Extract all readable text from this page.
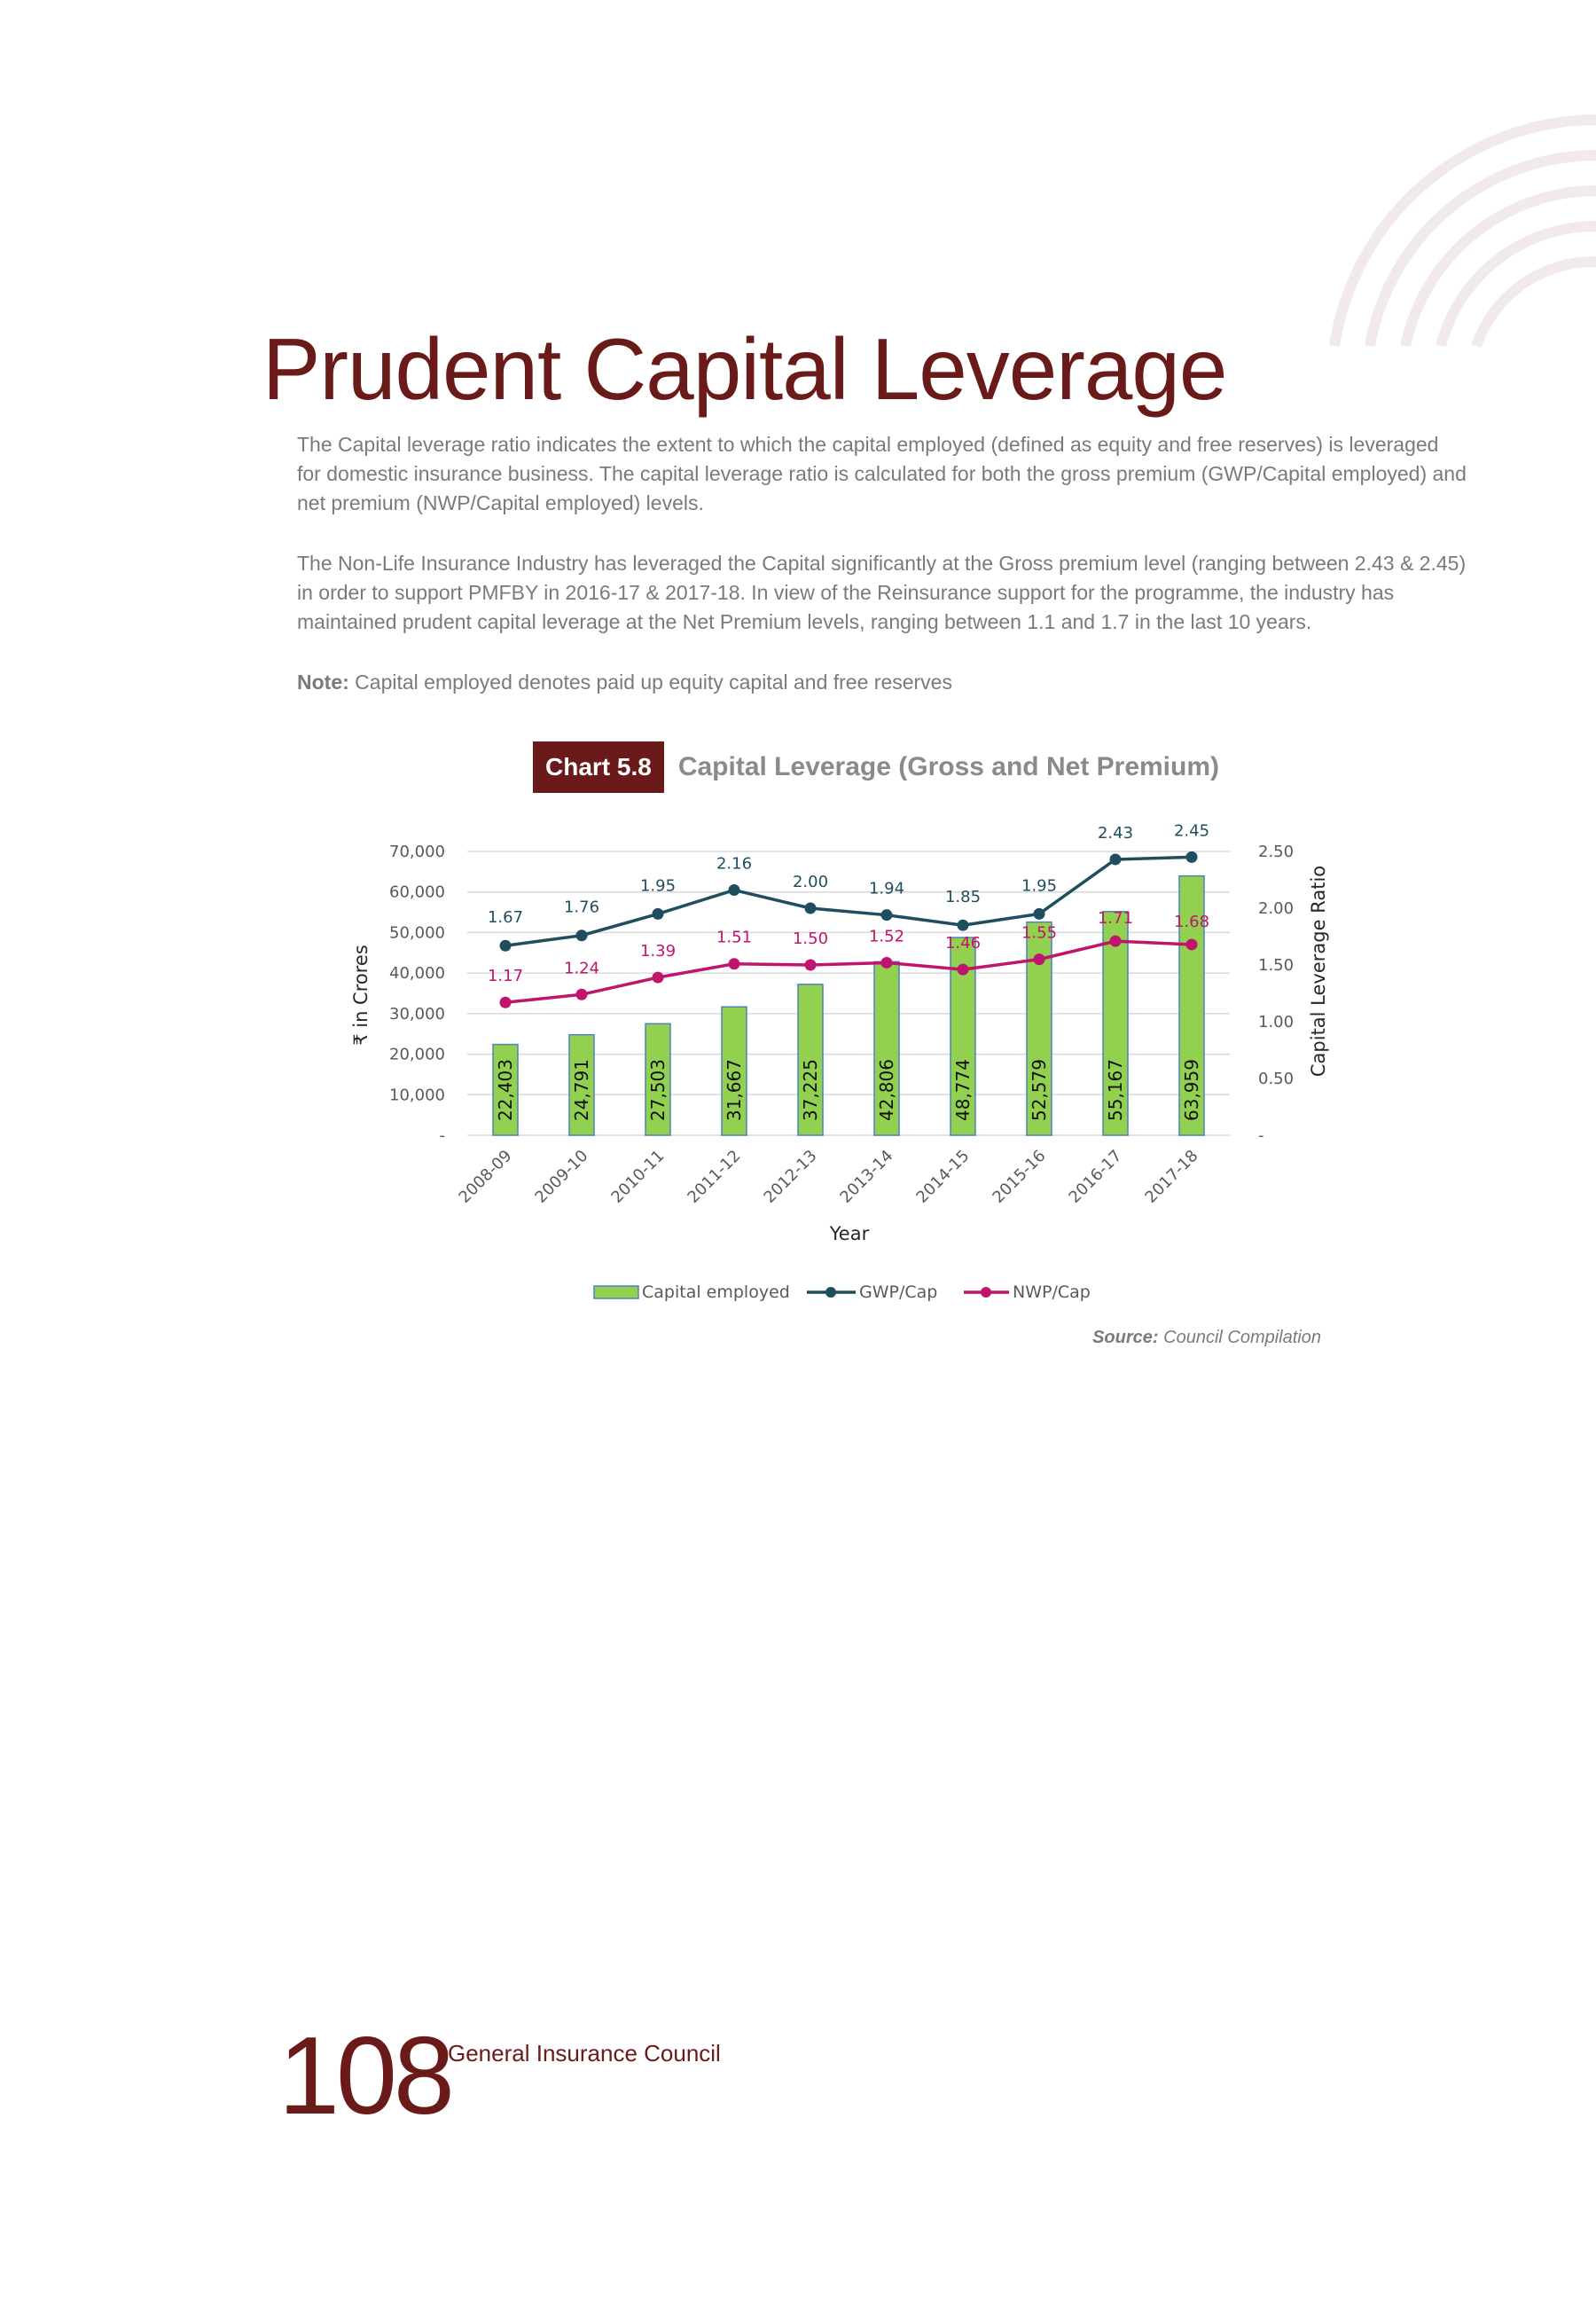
Prudent Capital Leverage

The Capital leverage ratio indicates the extent to which the capital employed (defined as equity and free reserves) is leveraged for domestic insurance business. The capital leverage ratio is calculated for both the gross premium (GWP/Capital employed) and net premium (NWP/Capital employed) levels.

The Non-Life Insurance Industry has leveraged the Capital significantly at the Gross premium level (ranging between 2.43 & 2.45) in order to support PMFBY in 2016-17 & 2017-18. In view of the Reinsurance support for the programme, the industry has maintained prudent capital leverage at the Net Premium levels, ranging between 1.1 and 1.7 in the last 10 years.

Note: Capital employed denotes paid up equity capital and free reserves

Chart 5.8	Capital Leverage (Gross and Net Premium)
-
10,000
20,000
30,000
40,000
50,000
60,000
70,000
-
0.50
1.00
1.50
2.00
2.50
22,403	24,791	27,503	31,667	37,225	42,806	48,774	52,579	55,167	63,959
1.67
1.76
1.95
2.16
2.00	1.94	1.85
1.95
2.43	2.45
1.17	1.24
1.39
1.51	1.50	1.52	1.46
1.55
1.71	1.68
2008-09 2009-10 2010-11 2011-12 2012-13 2013-14 2014-15 2015-16 2016-17 2017-18
Year
₹ in Crores	Capital Leverage Ratio
Capital employed	GWP/Cap	NWP/Cap
Source: Council Compilation
108
General Insurance Council
